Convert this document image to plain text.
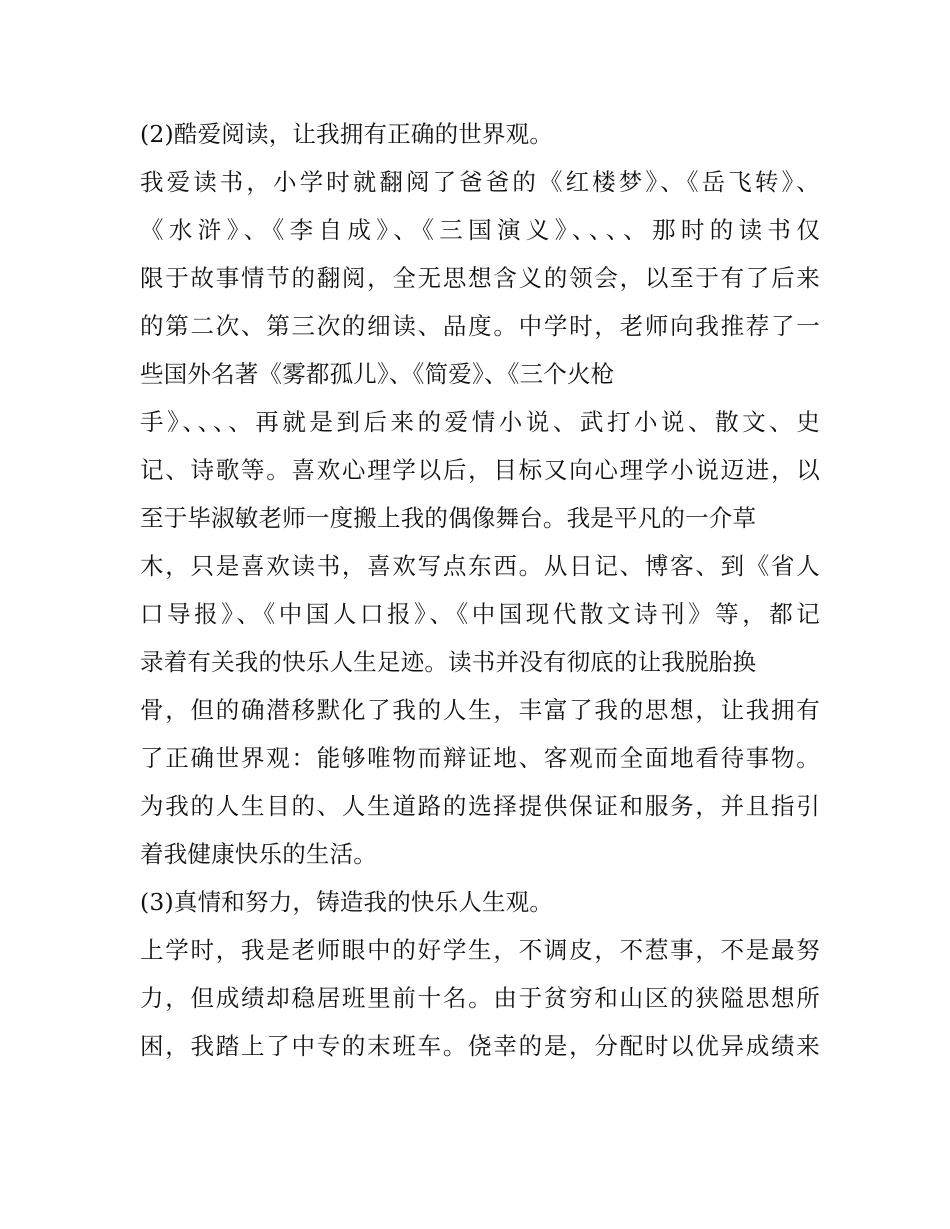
(2)酷爱阅读，让我拥有正确的世界观。
我爱读书，小学时就翻阅了爸爸的《红楼梦》、《岳飞转》、
《水浒》、《李自成》、《三国演义》、、、、那时的读书仅
限于故事情节的翻阅，全无思想含义的领会，以至于有了后来
的第二次、第三次的细读、品度。中学时，老师向我推荐了一
些国外名著《雾都孤儿》、《简爱》、《三个火枪
手》、、、、再就是到后来的爱情小说、武打小说、散文、史
记、诗歌等。喜欢心理学以后，目标又向心理学小说迈进，以
至于毕淑敏老师一度搬上我的偶像舞台。我是平凡的一介草
木，只是喜欢读书，喜欢写点东西。从日记、博客、到《省人
口导报》、《中国人口报》、《中国现代散文诗刊》等，都记
录着有关我的快乐人生足迹。读书并没有彻底的让我脱胎换
骨，但的确潜移默化了我的人生，丰富了我的思想，让我拥有
了正确世界观：能够唯物而辩证地、客观而全面地看待事物。
为我的人生目的、人生道路的选择提供保证和服务，并且指引
着我健康快乐的生活。
(3)真情和努力，铸造我的快乐人生观。
上学时，我是老师眼中的好学生，不调皮，不惹事，不是最努
力，但成绩却稳居班里前十名。由于贫穷和山区的狭隘思想所
困，我踏上了中专的末班车。侥幸的是，分配时以优异成绩来
